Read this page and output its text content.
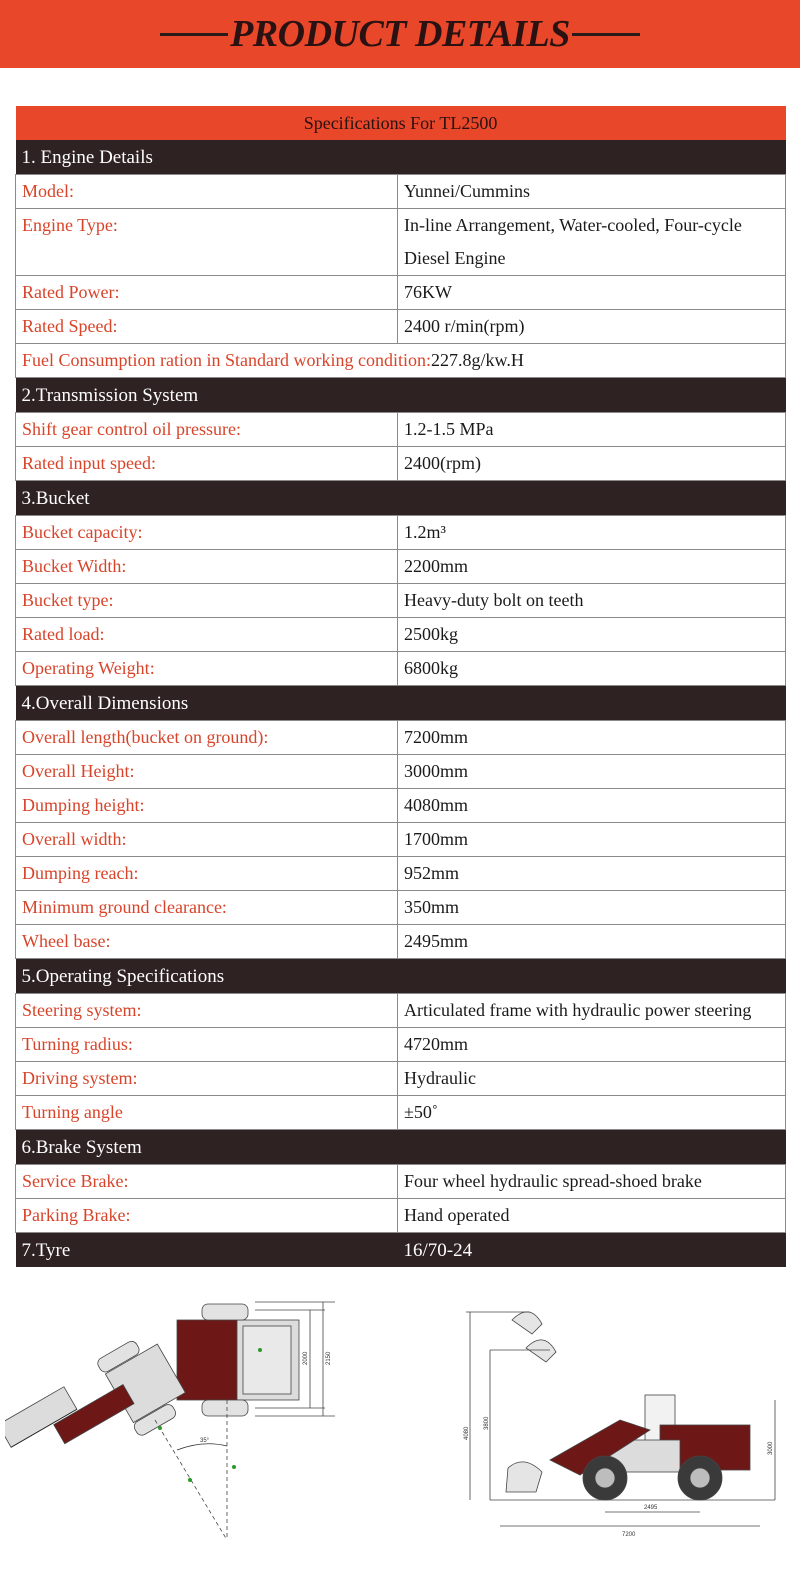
PRODUCT DETAILS
Specifications For TL2500	
1. Engine Details	
Model:	Yunnei/Cummins
Engine Type:	In-line Arrangement, Water-cooled, Four-cycle Diesel Engine
Rated Power:	76KW
Rated Speed:	2400 r/min(rpm)
Fuel Consumption ration in Standard working condition:227.8g/kw.H	
2.Transmission System	
Shift gear control oil pressure:	1.2-1.5 MPa
Rated input speed:	2400(rpm)
3.Bucket	
Bucket capacity:	1.2m³
Bucket Width:	2200mm
Bucket type:	Heavy-duty bolt on teeth
Rated load:	2500kg
Operating Weight:	6800kg
4.Overall Dimensions	
Overall length(bucket on ground):	7200mm
Overall Height:	3000mm
Dumping height:	4080mm
Overall width:	1700mm
Dumping reach:	952mm
Minimum ground clearance:	350mm
Wheel base:	2495mm
5.Operating Specifications	
Steering system:	Articulated frame with hydraulic power steering
Turning radius:	4720mm
Driving system:	Hydraulic
Turning angle	±50˚
6.Brake System	
Service Brake:	Four wheel hydraulic spread-shoed brake
Parking Brake:	Hand operated
7.Tyre	16/70-24
2000	2150
35°
4080
3800
3000
2495
7200
